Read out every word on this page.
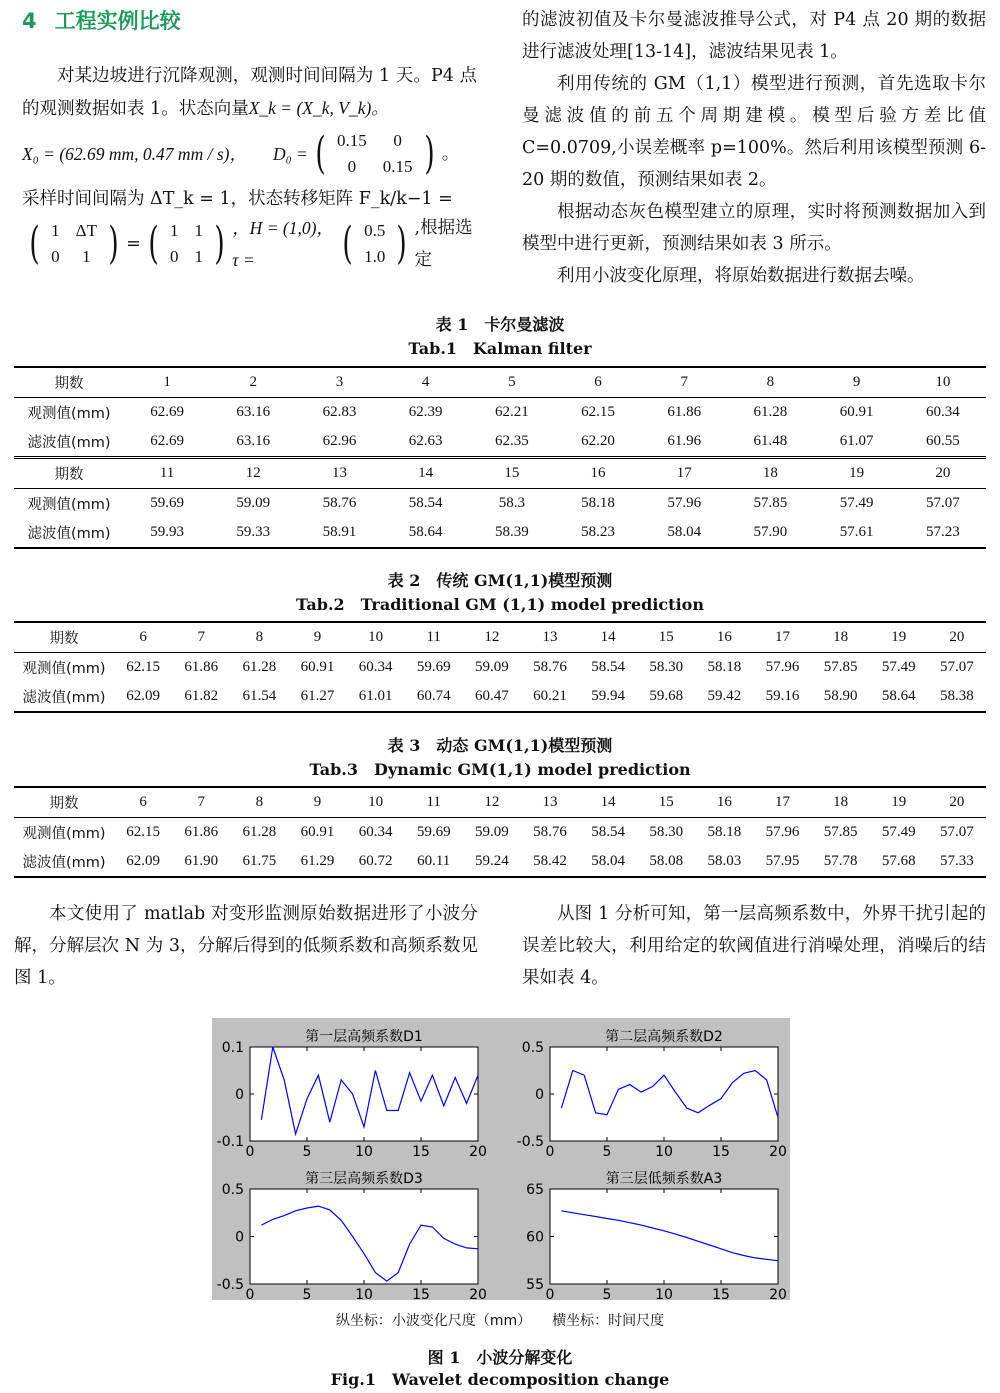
4 工程实例比较

对某边坡进行沉降观测，观测时间间隔为 1 天。P4 点的观测数据如表 1。状态向量X_k = (X_k, V_k)。

X₀ = (62.69 mm, 0.47 mm / s)， D₀ = ( 0.15	0
0	0.15 ) 。

采样时间间隔为 ΔT_k = 1，状态转移矩阵 F_k/k−1 =

( 1	ΔT
0	1 ) = ( 1	1
0	1 ) ，H = (1,0)，τ =	( 0.5
1.0 ) ,根据选定

的滤波初值及卡尔曼滤波推导公式，对 P4 点 20 期的数据进行滤波处理[13-14]，滤波结果见表 1。

利用传统的 GM（1,1）模型进行预测，首先选取卡尔曼滤波值的前五个周期建模。模型后验方差比值 C=0.0709,小误差概率 p=100%。然后利用该模型预测 6-20 期的数值，预测结果如表 2。

根据动态灰色模型建立的原理，实时将预测数据加入到模型中进行更新，预测结果如表 3 所示。

利用小波变化原理，将原始数据进行数据去噪。

表 1　卡尔曼滤波
Tab.1　Kalman filter
期数	1	2	3	4	5	6	7	8	9	10
观测值(mm)	62.69	63.16	62.83	62.39	62.21	62.15	61.86	61.28	60.91	60.34
滤波值(mm)	62.69	63.16	62.96	62.63	62.35	62.20	61.96	61.48	61.07	60.55
期数	11	12	13	14	15	16	17	18	19	20
观测值(mm)	59.69	59.09	58.76	58.54	58.3	58.18	57.96	57.85	57.49	57.07
滤波值(mm)	59.93	59.33	58.91	58.64	58.39	58.23	58.04	57.90	57.61	57.23
表 2　传统 GM(1,1)模型预测
Tab.2　Traditional GM (1,1) model prediction
期数	6	7	8	9	10	11	12	13	14	15	16	17	18	19	20
观测值(mm)	62.15	61.86	61.28	60.91	60.34	59.69	59.09	58.76	58.54	58.30	58.18	57.96	57.85	57.49	57.07
滤波值(mm)	62.09	61.82	61.54	61.27	61.01	60.74	60.47	60.21	59.94	59.68	59.42	59.16	58.90	58.64	58.38
表 3　动态 GM(1,1)模型预测
Tab.3　Dynamic GM(1,1) model prediction
期数	6	7	8	9	10	11	12	13	14	15	16	17	18	19	20
观测值(mm)	62.15	61.86	61.28	60.91	60.34	59.69	59.09	58.76	58.54	58.30	58.18	57.96	57.85	57.49	57.07
滤波值(mm)	62.09	61.90	61.75	61.29	60.72	60.11	59.24	58.42	58.04	58.08	58.03	57.95	57.78	57.68	57.33

本文使用了 matlab 对变形监测原始数据进形了小波分解，分解层次 N 为 3，分解后得到的低频系数和高频系数见图 1。

从图 1 分析可知，第一层高频系数中，外界干扰引起的误差比较大，利用给定的软阈值进行消噪处理，消噪后的结果如表 4。

第一层高频系数D1
0	5	10	15	20
0.1
0
-0.1
第二层高频系数D2
0	5	10	15	20
0.5
0
-0.5
第三层高频系数D3
0	5	10	15	20
0.5
0
-0.5
第三层低频系数A3
0	5	10	15	20
65
60
55
纵坐标：小波变化尺度（mm）　　横坐标：时间尺度
图 1　小波分解变化
Fig.1　Wavelet decomposition change
